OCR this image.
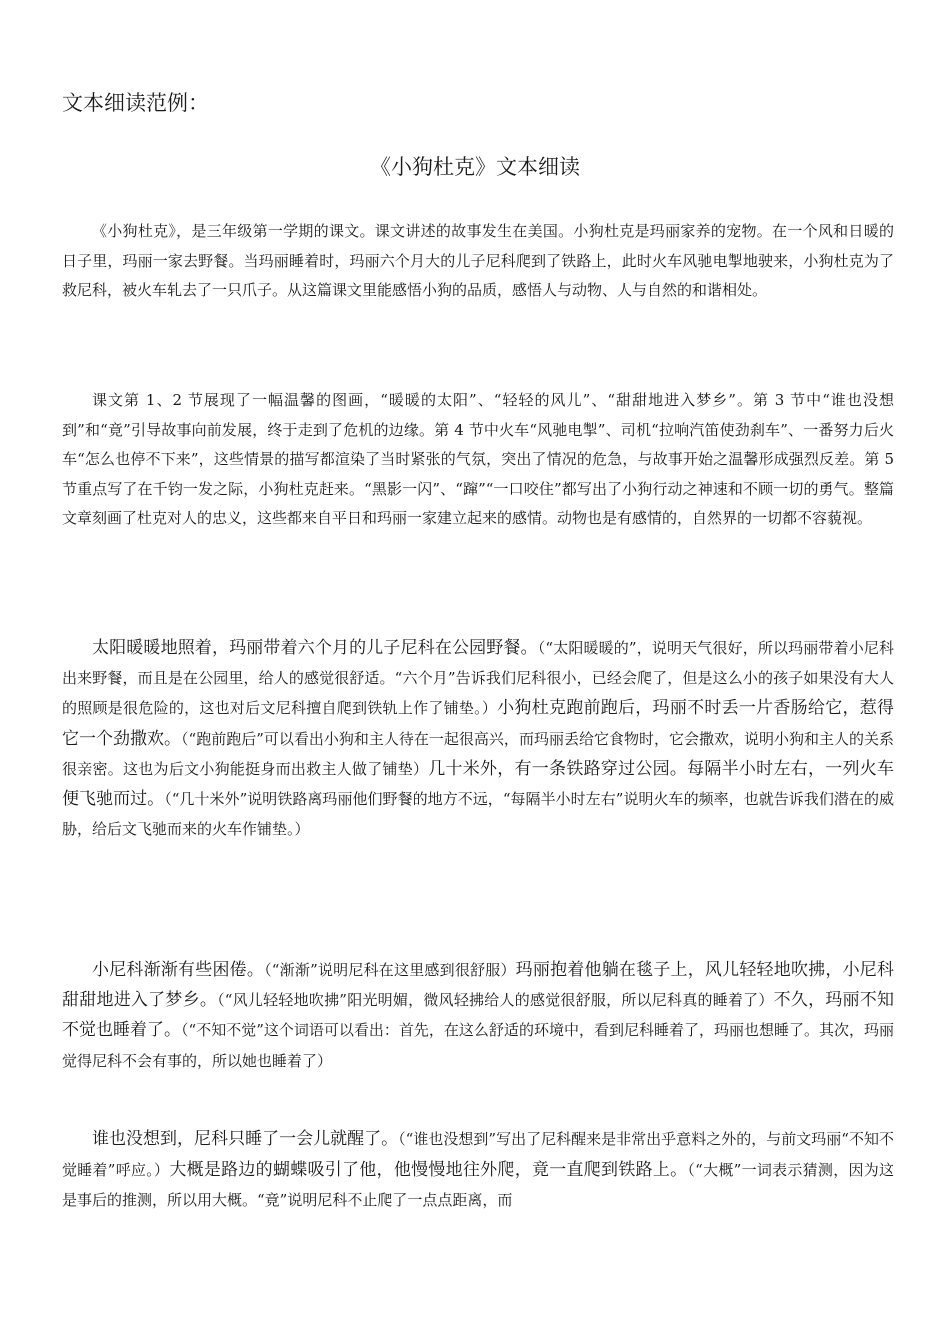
文本细读范例：
《小狗杜克》文本细读

《小狗杜克》，是三年级第一学期的课文。课文讲述的故事发生在美国。小狗杜克是玛丽家养的宠物。在一个风和日暖的日子里，玛丽一家去野餐。当玛丽睡着时，玛丽六个月大的儿子尼科爬到了铁路上，此时火车风驰电掣地驶来，小狗杜克为了救尼科，被火车轧去了一只爪子。从这篇课文里能感悟小狗的品质，感悟人与动物、人与自然的和谐相处。

课文第 1、2 节展现了一幅温馨的图画，“暖暖的太阳”、“轻轻的风儿”、“甜甜地进入梦乡”。第 3 节中“谁也没想到”和“竟”引导故事向前发展，终于走到了危机的边缘。第 4 节中火车“风驰电掣”、司机“拉响汽笛使劲刹车”、一番努力后火车“怎么也停不下来”，这些情景的描写都渲染了当时紧张的气氛，突出了情况的危急，与故事开始之温馨形成强烈反差。第 5 节重点写了在千钧一发之际，小狗杜克赶来。“黑影一闪”、“蹿”“一口咬住”都写出了小狗行动之神速和不顾一切的勇气。整篇文章刻画了杜克对人的忠义，这些都来自平日和玛丽一家建立起来的感情。动物也是有感情的，自然界的一切都不容藐视。

太阳暖暖地照着，玛丽带着六个月的儿子尼科在公园野餐。（“太阳暖暖的”，说明天气很好，所以玛丽带着小尼科出来野餐，而且是在公园里，给人的感觉很舒适。“六个月”告诉我们尼科很小，已经会爬了，但是这么小的孩子如果没有大人的照顾是很危险的，这也对后文尼科擅自爬到铁轨上作了铺垫。）小狗杜克跑前跑后，玛丽不时丢一片香肠给它，惹得它一个劲撒欢。（“跑前跑后”可以看出小狗和主人待在一起很高兴，而玛丽丢给它食物时，它会撒欢，说明小狗和主人的关系很亲密。这也为后文小狗能挺身而出救主人做了铺垫）几十米外，有一条铁路穿过公园。每隔半小时左右，一列火车便飞驰而过。（“几十米外”说明铁路离玛丽他们野餐的地方不远，“每隔半小时左右”说明火车的频率，也就告诉我们潜在的威胁，给后文飞驰而来的火车作铺垫。）

小尼科渐渐有些困倦。（“渐渐”说明尼科在这里感到很舒服）玛丽抱着他躺在毯子上，风儿轻轻地吹拂，小尼科甜甜地进入了梦乡。（“风儿轻轻地吹拂”阳光明媚，微风轻拂给人的感觉很舒服，所以尼科真的睡着了）不久，玛丽不知不觉也睡着了。（“不知不觉”这个词语可以看出：首先，在这么舒适的环境中，看到尼科睡着了，玛丽也想睡了。其次，玛丽觉得尼科不会有事的，所以她也睡着了）

谁也没想到，尼科只睡了一会儿就醒了。（“谁也没想到”写出了尼科醒来是非常出乎意料之外的，与前文玛丽“不知不觉睡着”呼应。）大概是路边的蝴蝶吸引了他，他慢慢地往外爬，竟一直爬到铁路上。（“大概”一词表示猜测，因为这是事后的推测，所以用大概。“竟”说明尼科不止爬了一点点距离，而
